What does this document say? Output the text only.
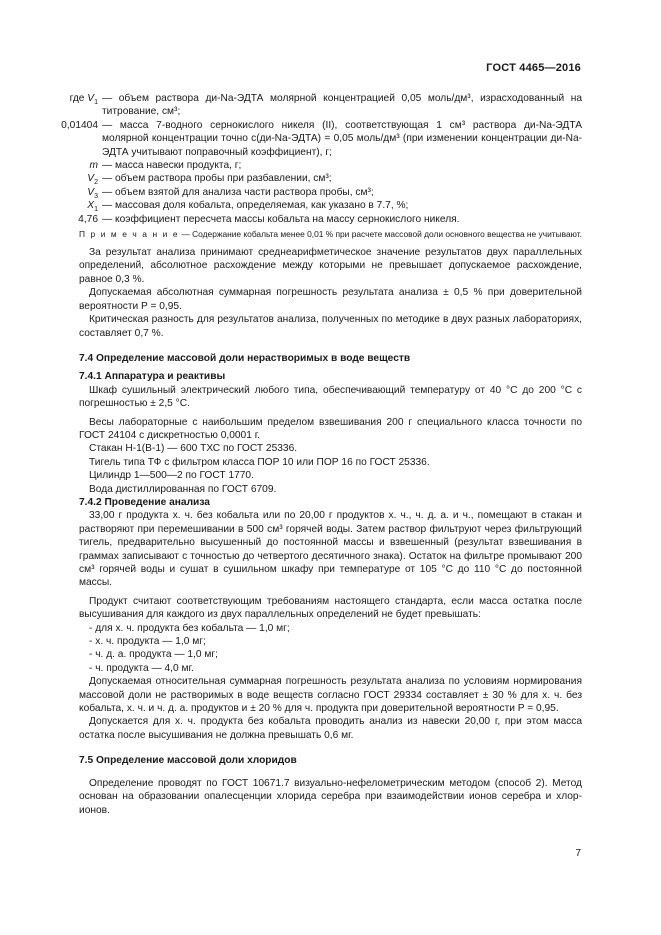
ГОСТ 4465—2016
где $V_1$ — объем раствора ди-Na-ЭДТА молярной концентрацией 0,05 моль/дм³, израсходованный на титрование, см³;
0,01404 — масса 7-водного сернокислого никеля (II), соответствующая 1 см³ раствора ди-Na-ЭДТА молярной концентрации точно с(ди-Na-ЭДТА) = 0,05 моль/дм³ (при изменении концентрации ди-Na-ЭДТА учитывают поправочный коэффициент), г;
m — масса навески продукта, г;
$V_2$ — объем раствора пробы при разбавлении, см³;
$V_3$ — объем взятой для анализа части раствора пробы, см³;
$X_1$ — массовая доля кобальта, определяемая, как указано в 7.7, %;
4,76 — коэффициент пересчета массы кобальта на массу сернокислого никеля.
П р и м е ч а н и е — Содержание кобальта менее 0,01 % при расчете массовой доли основного вещества не учитывают.

За результат анализа принимают среднеарифметическое значение результатов двух параллельных определений, абсолютное расхождение между которыми не превышает допускаемое расхождение, равное 0,3 %.

Допускаемая абсолютная суммарная погрешность результата анализа ± 0,5 % при доверительной вероятности P = 0,95.

Критическая разность для результатов анализа, полученных по методике в двух разных лабораториях, составляет 0,7 %.

7.4 Определение массовой доли нерастворимых в воде веществ

7.4.1 Аппаратура и реактивы

Шкаф сушильный электрический любого типа, обеспечивающий температуру от 40 °С до 200 °С с погрешностью ± 2,5 °С.

Весы лабораторные с наибольшим пределом взвешивания 200 г специального класса точности по ГОСТ 24104 с дискретностью 0,0001 г.

Стакан Н-1(В-1) — 600 ТХС по ГОСТ 25336.

Тигель типа ТФ с фильтром класса ПОР 10 или ПОР 16 по ГОСТ 25336.

Цилиндр 1—500—2 по ГОСТ 1770.

Вода дистиллированная по ГОСТ 6709.

7.4.2 Проведение анализа

33,00 г продукта х. ч. без кобальта или по 20,00 г продуктов х. ч., ч. д. а. и ч., помещают в стакан и растворяют при перемешивании в 500 см³ горячей воды. Затем раствор фильтруют через фильтрующий тигель, предварительно высушенный до постоянной массы и взвешенный (результат взвешивания в граммах записывают с точностью до четвертого десятичного знака). Остаток на фильтре промывают 200 см³ горячей воды и сушат в сушильном шкафу при температуре от 105 °С до 110 °С до постоянной массы.

Продукт считают соответствующим требованиям настоящего стандарта, если масса остатка после высушивания для каждого из двух параллельных определений не будет превышать:

- для х. ч. продукта без кобальта — 1,0 мг;

- х. ч. продукта — 1,0 мг;

- ч. д. а. продукта — 1,0 мг;

- ч. продукта — 4,0 мг.

Допускаемая относительная суммарная погрешность результата анализа по условиям нормирования массовой доли не растворимых в воде веществ согласно ГОСТ 29334 составляет ± 30 % для х. ч. без кобальта, х. ч. и ч. д. а. продуктов и ± 20 % для ч. продукта при доверительной вероятности P = 0,95.

Допускается для х. ч. продукта без кобальта проводить анализ из навески 20,00 г, при этом масса остатка после высушивания не должна превышать 0,6 мг.

7.5 Определение массовой доли хлоридов

Определение проводят по ГОСТ 10671.7 визуально-нефелометрическим методом (способ 2). Метод основан на образовании опалесценции хлорида серебра при взаимодействии ионов серебра и хлор-ионов.

7
